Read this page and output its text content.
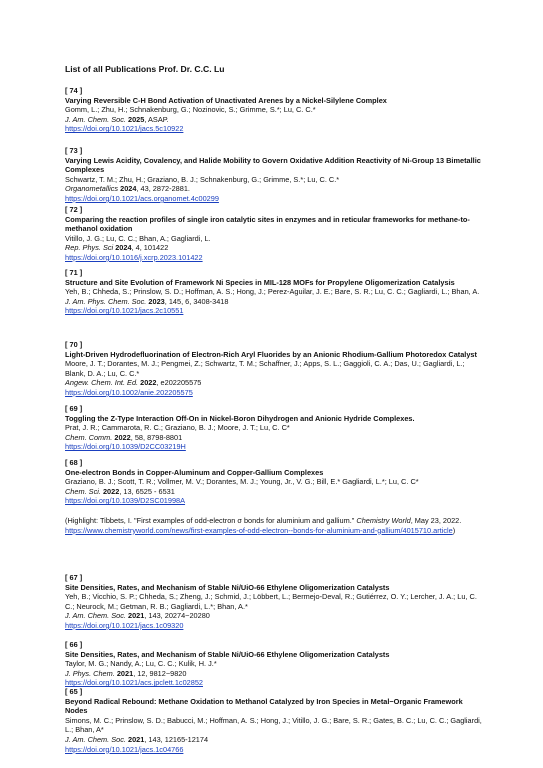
List of all Publications Prof. Dr. C.C. Lu
[ 74 ]
Varying Reversible C-H Bond Activation of Unactivated Arenes by a Nickel-Silylene Complex
Gomm, L.; Zhu, H.; Schnakenburg, G.; Nozinovic, S.; Grimme, S.*; Lu, C. C.*
J. Am. Chem. Soc. 2025, ASAP.
https://doi.org/10.1021/jacs.5c10922
[ 73 ]
Varying Lewis Acidity, Covalency, and Halide Mobility to Govern Oxidative Addition Reactivity of Ni-Group 13 Bimetallic Complexes
Schwartz, T. M.; Zhu, H.; Graziano, B. J.; Schnakenburg, G.; Grimme, S.*; Lu, C. C.*
Organometallics 2024, 43, 2872-2881.
https://doi.org/10.1021/acs.organomet.4c00299
[ 72 ]
Comparing the reaction profiles of single iron catalytic sites in enzymes and in reticular frameworks for methane-to-methanol oxidation
Vitillo, J. G.; Lu, C. C.; Bhan, A.; Gagliardi, L.
Rep. Phys. Sci 2024, 4, 101422
https://doi.org/10.1016/j.xcrp.2023.101422
[ 71 ]
Structure and Site Evolution of Framework Ni Species in MIL-128 MOFs for Propylene Oligomerization Catalysis
Yeh, B.; Chheda, S.; Prinslow, S. D.; Hoffman, A. S.; Hong, J.; Perez-Aguilar, J. E.; Bare, S. R.; Lu, C. C.; Gagliardi, L.; Bhan, A.
J. Am. Phys. Chem. Soc. 2023, 145, 6, 3408-3418
https://doi.org/10.1021/jacs.2c10551
[ 70 ]
Light-Driven Hydrodefluorination of Electron-Rich Aryl Fluorides by an Anionic Rhodium-Gallium Photoredox Catalyst
Moore, J. T.; Dorantes, M. J.; Pengmei, Z.; Schwartz, T. M.; Schaffner, J.; Apps, S. L.; Gaggioli, C. A.; Das, U.; Gagliardi, L.; Blank, D. A.; Lu, C. C.*
Angew. Chem. Int. Ed. 2022, e202205575
https://doi.org/10.1002/anie.202205575
[ 69 ]
Toggling the Z-Type Interaction Off-On in Nickel-Boron Dihydrogen and Anionic Hydride Complexes.
Prat, J. R.; Cammarota, R. C.; Graziano, B. J.; Moore, J. T.; Lu, C. C*
Chem. Comm. 2022, 58, 8798-8801
https://doi.org/10.1039/D2CC03219H
[ 68 ]
One-electron Bonds in Copper-Aluminum and Copper-Gallium Complexes
Graziano, B. J.; Scott, T. R.; Vollmer, M. V.; Dorantes, M. J.; Young, Jr., V. G.; Bill, E.* Gagliardi, L.*; Lu, C. C*
Chem. Sci. 2022, 13, 6525 - 6531
https://doi.org/10.1039/D2SC01998A
(Highlight: Tibbets, I. "First examples of odd-electron σ bonds for aluminium and gallium." Chemistry World, May 23, 2022. https://www.chemistryworld.com/news/first-examples-of-odd-electron--bonds-for-aluminium-and-gallium/4015710.article)
[ 67 ]
Site Densities, Rates, and Mechanism of Stable Ni/UiO-66 Ethylene Oligomerization Catalysts
Yeh, B.; Vicchio, S. P.; Chheda, S.; Zheng, J.; Schmid, J.; Löbbert, L.; Bermejo-Deval, R.; Gutiérrez, O. Y.; Lercher, J. A.; Lu, C. C.; Neurock, M.; Getman, R. B.; Gagliardi, L.*; Bhan, A.*
J. Am. Chem. Soc. 2021, 143, 20274−20280
https://doi.org/10.1021/jacs.1c09320
[ 66 ]
Site Densities, Rates, and Mechanism of Stable Ni/UiO-66 Ethylene Oligomerization Catalysts
Taylor, M. G.; Nandy, A.; Lu, C. C.; Kulik, H. J.*
J. Phys. Chem. 2021, 12, 9812−9820
https://doi.org/10.1021/acs.jpclett.1c02852
[ 65 ]
Beyond Radical Rebound: Methane Oxidation to Methanol Catalyzed by Iron Species in Metal−Organic Framework Nodes
Simons, M. C.; Prinslow, S. D.; Babucci, M.; Hoffman, A. S.; Hong, J.; Vitillo, J. G.; Bare, S. R.; Gates, B. C.; Lu, C. C.; Gagliardi, L.; Bhan, A*
J. Am. Chem. Soc. 2021, 143, 12165-12174
https://doi.org/10.1021/jacs.1c04766
